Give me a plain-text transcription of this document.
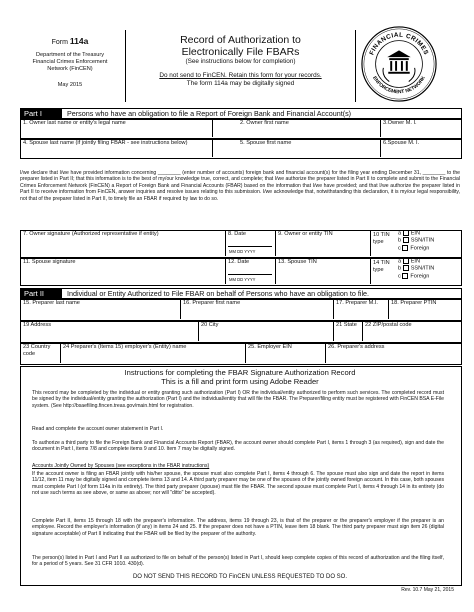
Form 114a
Department of the Treasury
Financial Crimes Enforcement
Network (FinCEN)
May 2015
Record of Authorization to
Electronically File FBARs
(See instructions below for completion)
Do not send to FinCEN. Retain this form for your records.
The form 114a may be digitally signed
FINANCIAL CRIMES
ENFORCEMENT NETWORK
Part I	Persons who have an obligation to file a Report of Foreign Bank and Financial Account(s)
1. Owner last name or entity's legal name	2. Owner first name	3.Owner M. I.
4. Spouse last name (if jointly filing FBAR - see instructions below)	5. Spouse first name	6.Spouse M. I.
I/we declare that I/we have provided information concerning ________ (enter number of accounts) foreign bank and financial account(s) for the filing year ending December 31, ________ to the preparer listed in Part II; that this information is to the best of my/our knowledge true, correct, and complete; that I/we authorize the preparer listed in Part II to complete and submit to the Financial Crimes Enforcement Network (FinCEN) a Report of Foreign Bank and Financial Accounts (FBAR) based on the information that I/we have provided; and that I/we authorize the preparer listed in Part II to receive information from FinCEN, answer inquiries and resolve issues relating to this submission. I/we acknowledge that, notwithstanding this declaration, it is my/our legal responsibility, not that of the preparer listed in Part II, to timely file an FBAR if required by law to do so.
7. Owner signature (Authorized representative if entity)	8. Date
MM DD YYYY
9. Owner or entity TIN	10 TIN
type
a EIN
b SSN/ITIN
c Foreign
11. Spouse signature	12. Date
MM DD YYYY
13. Spouse TIN	14 TIN
type
a EIN
b SSN/ITIN
c Foreign
Part II	Individual or Entity Authorized to File FBAR on behalf of Persons who have an obligation to file.
15. Preparer last name	16. Preparer first name	17. Preparer M.I. 18. Preparer PTIN
19 Address	20 City	21 State 22 ZIP/postal code
23 Country code
24 Preparer's (Items 15) employer's (Entity) name	25. Employer EIN	26. Preparer's address
Instructions for completing the FBAR Signature Authorization Record
This is a fill and print form using Adobe Reader
This record may be completed by the individual or entity granting such authorization (Part I) OR the individual/entity authorized to perform such services. The completed record must be signed by the individual/entity granting the authorization (Part I) and the individual/entity that will file the FBAR. The Preparer/filing entity must be registered with FinCEN BSA E-File system. (See http://bsaefiling.fincen.treas.gov/main.html for registration.
Read and complete the account owner statement in Part I.
To authorize a third party to file the Foreign Bank and Financial Accounts Report (FBAR), the account owner should complete Part I, items 1 through 3 (as required), sign and date the document in Part I, items 7/8 and complete items 9 and 10. Item 7 may be digitally signed.
Accounts Jointly Owned by Spouses (see exceptions in the FBAR instructions)
If the account owner is filing an FBAR jointly with his/her spouse, the spouse must also complete Part I, items 4 through 6. The spouse must also sign and date the report in items 11/12, item 11 may be digitally signed and complete items 13 and 14. A third party preparer may be one of the spouses of the jointly owned foreign account. In this case, both spouses must complete Part I (of form 114a in its entirety). The third party preparer (spouse) must file the FBAR. The second spouse must complete Part I, items 4 through 14 in its entirety (do not use such terms as see above, or same as above; nor will "ditto" be accepted).
Complete Part II, items 15 through 18 with the preparer's information. The address, items 19 through 23, is that of the preparer or the preparer's employer if the preparer is an employee. Record the employer's information (if any) in items 24 and 25. If the preparer does not have a PTIN, leave item 18 blank. The third party preparer must sign item 26 (digital signature acceptable) of Part II indicating that the FBAR will be filed by the preparer of the authority.
The person(s) listed in Part I and Part II as authorized to file on behalf of the person(s) listed in Part I, should keep complete copies of this record of authorization and the filing itself, for a period of 5 years. See 31 CFR 1010. 430(d).
DO NOT SEND THIS RECORD TO FinCEN UNLESS REQUESTED TO DO SO.
Rev. 10.7 May 21, 2015
